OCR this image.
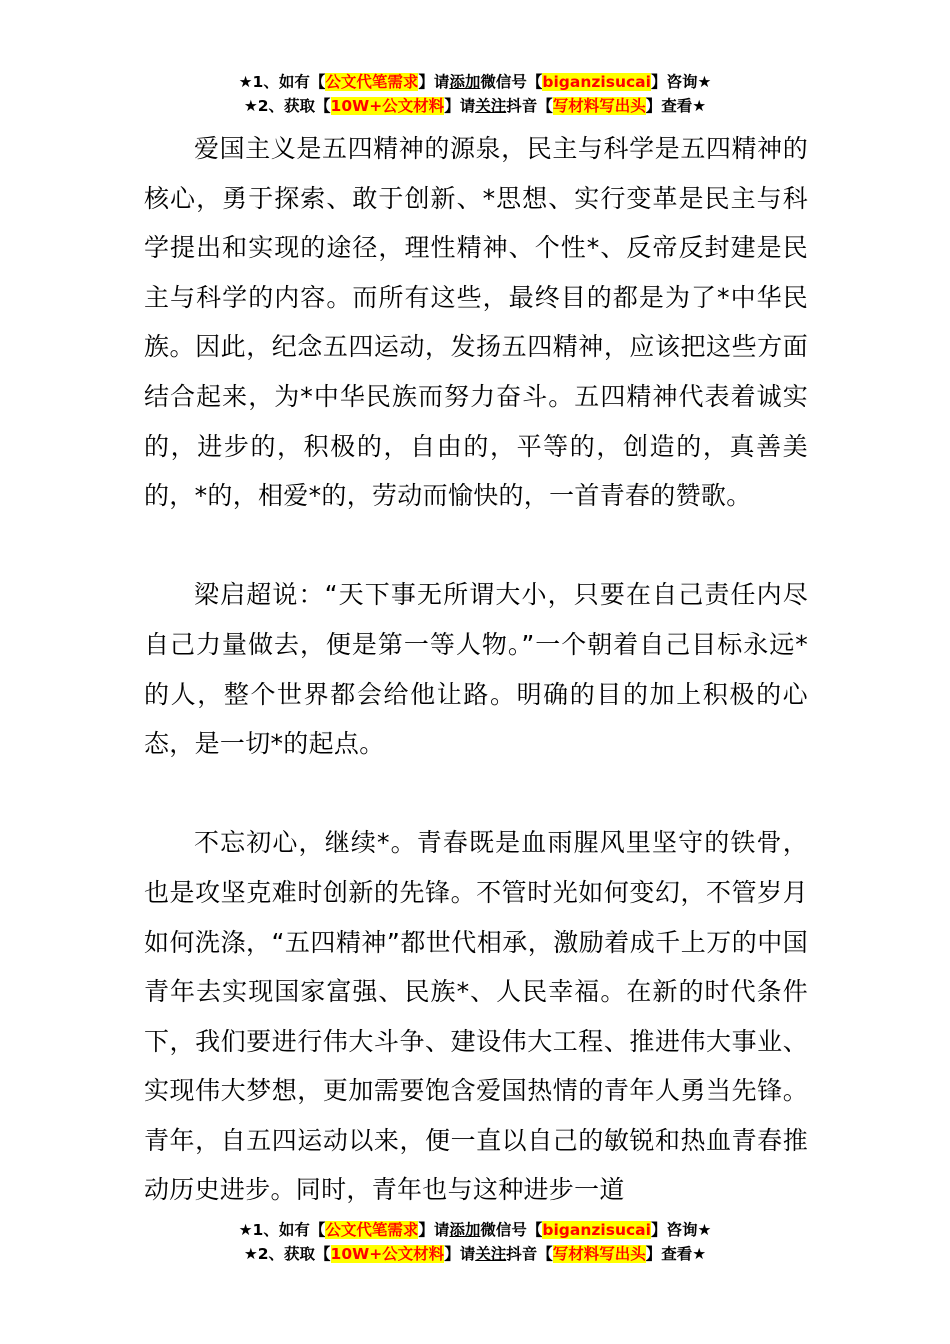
★1、如有【公文代笔需求】请添加微信号【biganzisucai】咨询★
★2、获取【10W+公文材料】请关注抖音【写材料写出头】查看★

爱国主义是五四精神的源泉，民主与科学是五四精神的核心，勇于探索、敢于创新、*思想、实行变革是民主与科学提出和实现的途径，理性精神、个性*、反帝反封建是民主与科学的内容。而所有这些，最终目的都是为了*中华民族。因此，纪念五四运动，发扬五四精神，应该把这些方面结合起来，为*中华民族而努力奋斗。五四精神代表着诚实的，进步的，积极的，自由的，平等的，创造的，真善美的，*的，相爱*的，劳动而愉快的，一首青春的赞歌。

梁启超说：“天下事无所谓大小，只要在自己责任内尽自己力量做去，便是第一等人物。”一个朝着自己目标永远*的人，整个世界都会给他让路。明确的目的加上积极的心态，是一切*的起点。

不忘初心，继续*。青春既是血雨腥风里坚守的铁骨，也是攻坚克难时创新的先锋。不管时光如何变幻，不管岁月如何洗涤，“五四精神”都世代相承，激励着成千上万的中国青年去实现国家富强、民族*、人民幸福。在新的时代条件下，我们要进行伟大斗争、建设伟大工程、推进伟大事业、实现伟大梦想，更加需要饱含爱国热情的青年人勇当先锋。青年，自五四运动以来，便一直以自己的敏锐和热血青春推动历史进步。同时，青年也与这种进步一道

★1、如有【公文代笔需求】请添加微信号【biganzisucai】咨询★
★2、获取【10W+公文材料】请关注抖音【写材料写出头】查看★
